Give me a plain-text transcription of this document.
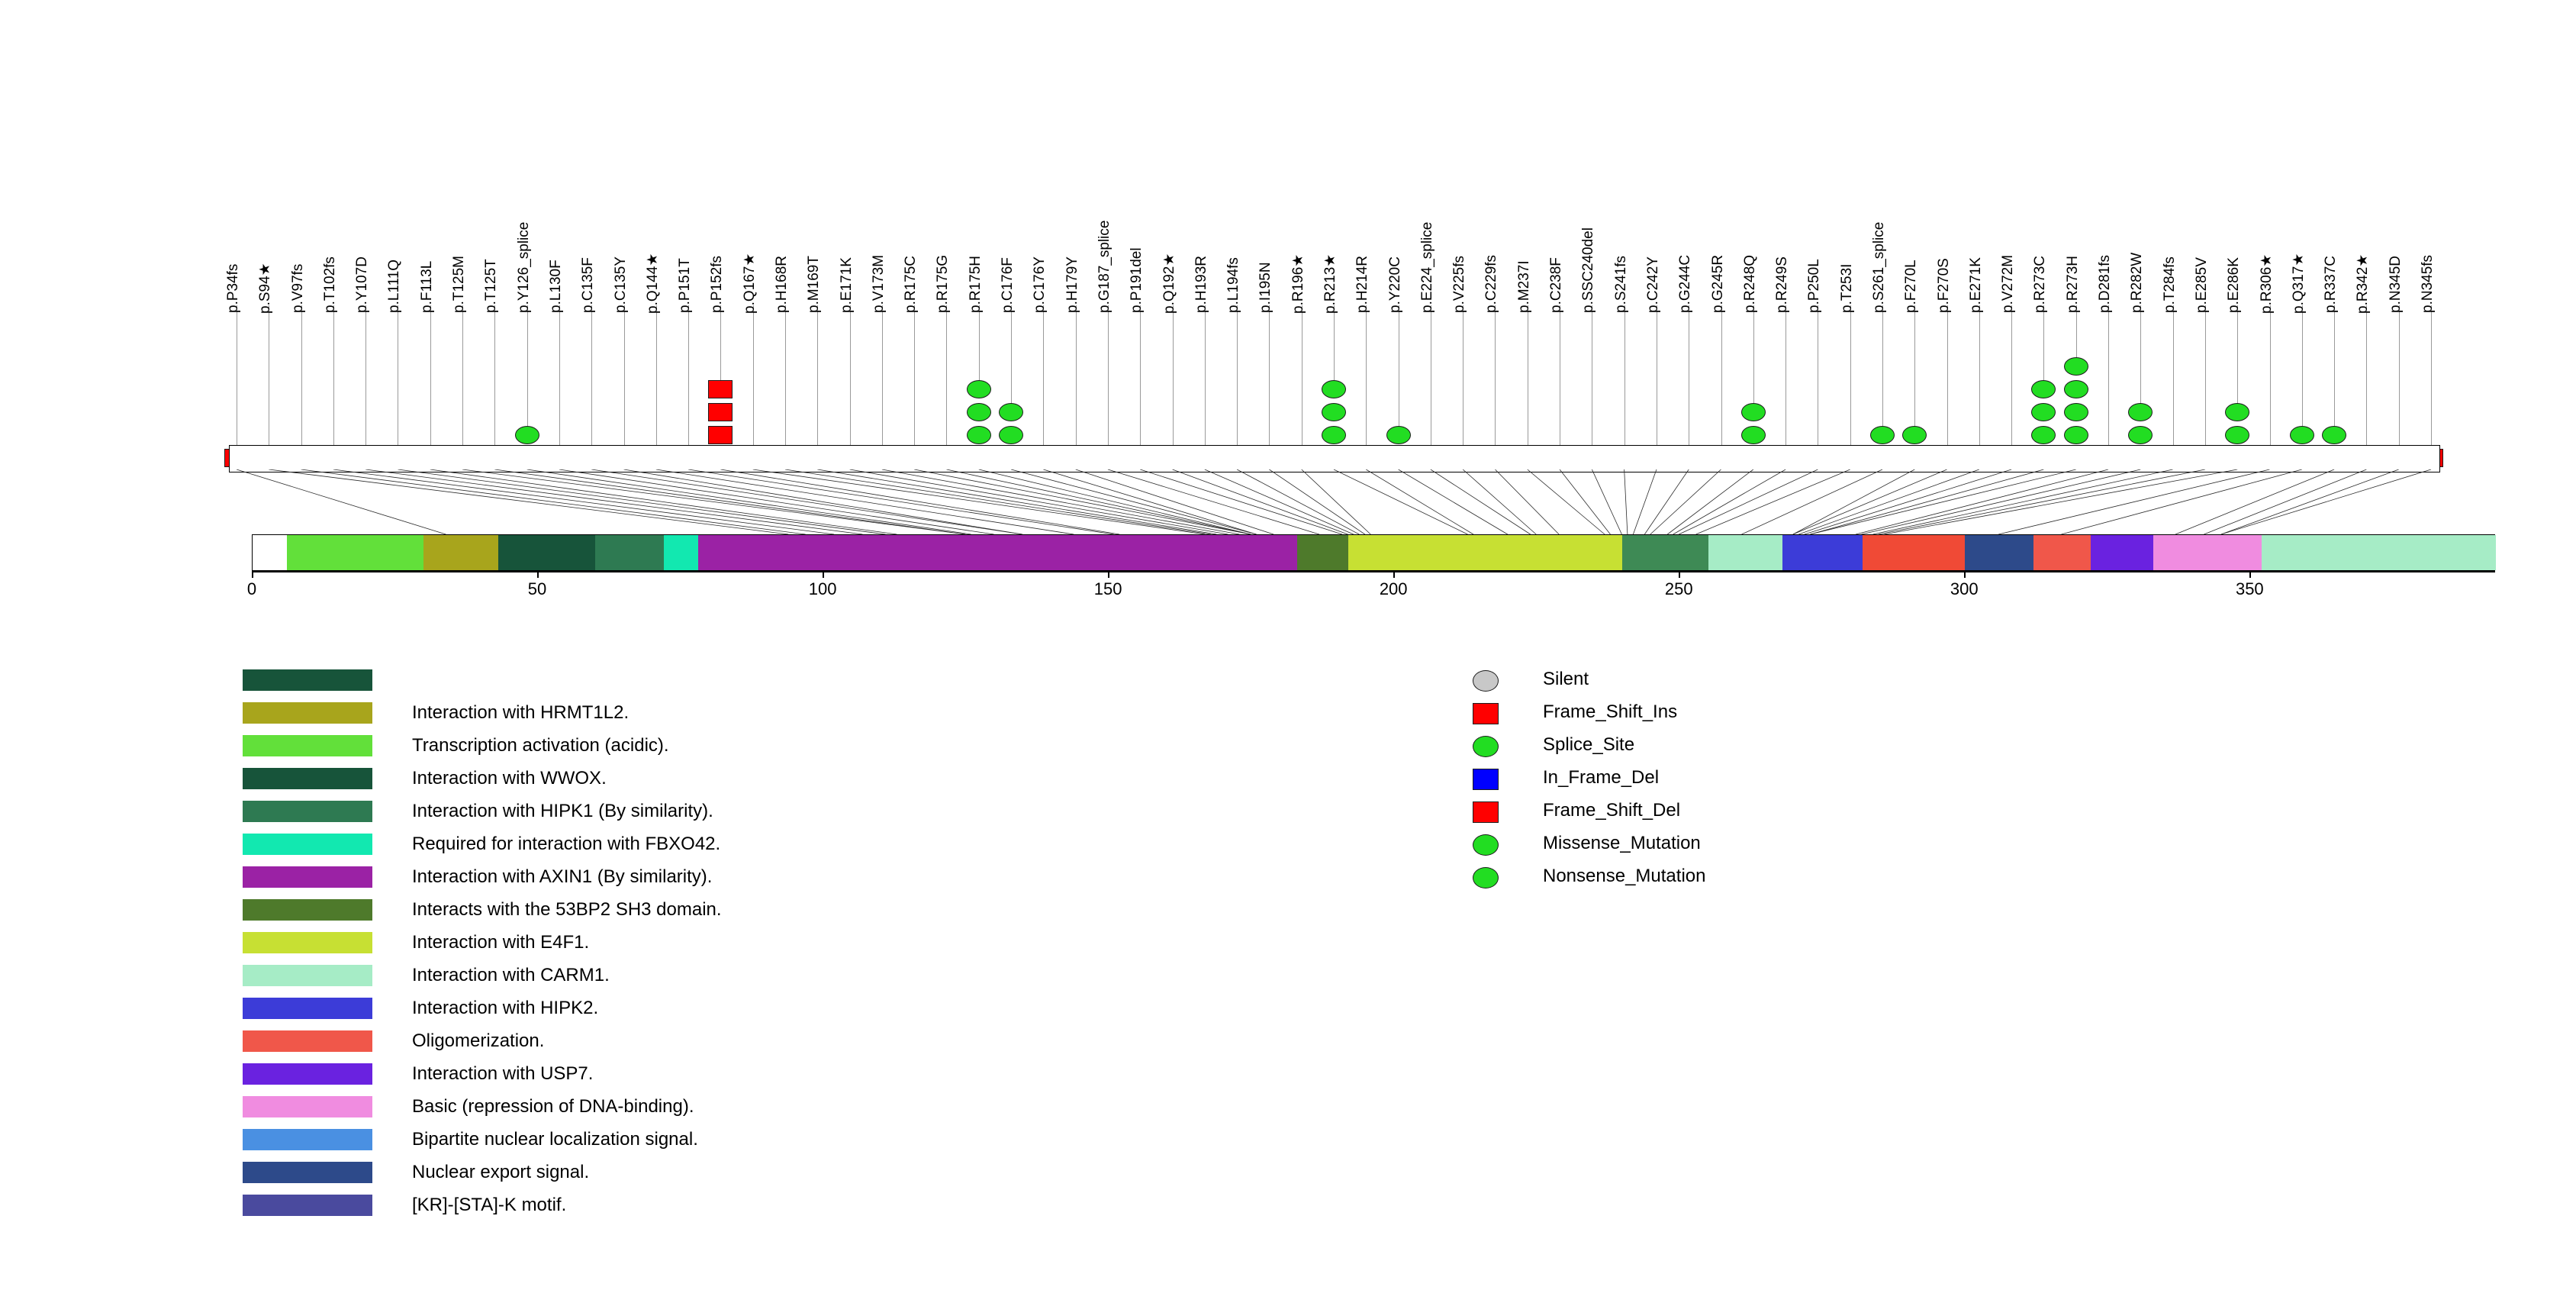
p.P34fs p.S94★ p.V97fs p.T102fs p.Y107D p.L111Q p.F113L p.T125M p.T125T p.Y126_splice p.L130F p.C135F p.C135Y p.Q144★ p.P151T p.P152fs p.Q167★ p.H168R p.M169T p.E171K p.V173M p.R175C p.R175G p.R175H p.C176F p.C176Y p.H179Y p.G187_splice p.P191del p.Q192★ p.H193R p.L194fs p.I195N p.R196★ p.R213★ p.H214R p.Y220C p.E224_splice p.V225fs p.C229fs p.M237I p.C238F p.SSC240del p.S241fs p.C242Y p.G244C p.G245R p.R248Q p.R249S p.P250L p.T253I p.S261_splice p.F270L p.F270S p.E271K p.V272M p.R273C p.R273H p.D281fs p.R282W p.T284fs p.E285V p.E286K p.R306★ p.Q317★ p.R337C p.R342★ p.N345D p.N345fs
0	50	100	150	200	250	300	350
Interaction with HRMT1L2.
Transcription activation (acidic).
Interaction with WWOX.
Interaction with HIPK1 (By similarity).
Required for interaction with FBXO42.
Interaction with AXIN1 (By similarity).
Interacts with the 53BP2 SH3 domain.
Interaction with E4F1.
Interaction with CARM1.
Interaction with HIPK2.
Oligomerization.
Interaction with USP7.
Basic (repression of DNA-binding).
Bipartite nuclear localization signal.
Nuclear export signal.
[KR]-[STA]-K motif.
Silent
Frame_Shift_Ins
Splice_Site
In_Frame_Del
Frame_Shift_Del
Missense_Mutation
Nonsense_Mutation
